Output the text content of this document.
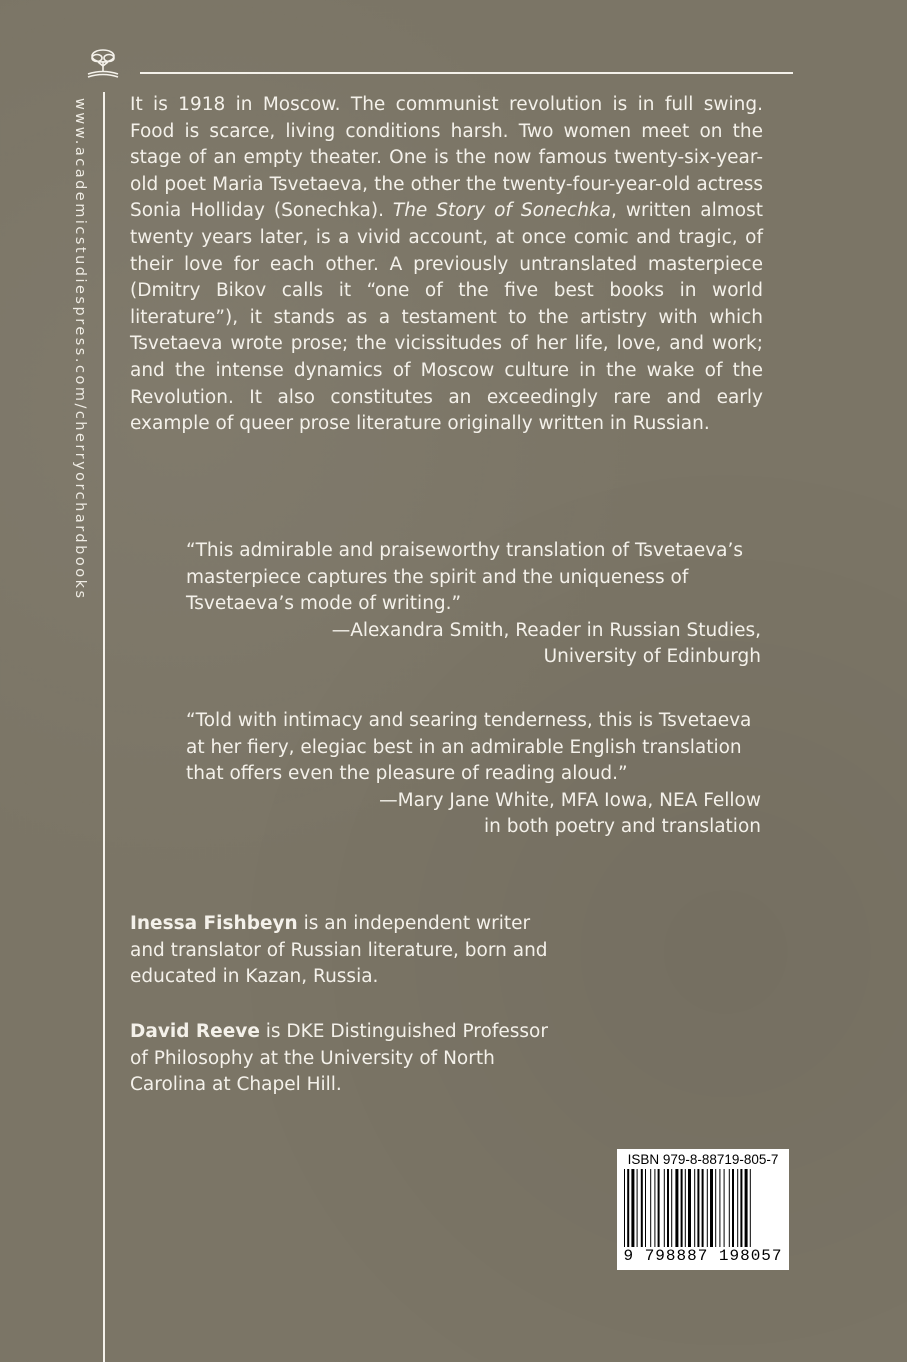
www.academicstudiespress.com/cherryorchardbooks It is 1918 in Moscow. The communist revolution is in full swing. Food is scarce, living conditions harsh. Two women meet on the stage of an empty theater. One is the now famous twenty-six-year-old poet Maria Tsvetaeva, the other the twenty-four-year-old actress Sonia Holliday (Sonechka). The Story of Sonechka, written almost twenty years later, is a vivid account, at once comic and tragic, of their love for each other. A previously untranslated masterpiece (Dmitry Bikov calls it “one of the five best books in world literature”), it stands as a testament to the artistry with which Tsvetaeva wrote prose; the vicissitudes of her life, love, and work; and the intense dynamics of Moscow culture in the wake of the Revolution. It also constitutes an exceedingly rare and early example of queer prose literature originally written in Russian.

“This admirable and praiseworthy translation of Tsvetaeva’s masterpiece captures the spirit and the uniqueness of Tsvetaeva’s mode of writing.”

—Alexandra Smith, Reader in Russian Studies,

University of Edinburgh

“Told with intimacy and searing tenderness, this is Tsvetaeva at her fiery, elegiac best in an admirable English translation that offers even the pleasure of reading aloud.”

—Mary Jane White, MFA Iowa, NEA Fellow

in both poetry and translation

Inessa Fishbeyn is an independent writer and translator of Russian literature, born and educated in Kazan, Russia.

David Reeve is DKE Distinguished Professor of Philosophy at the University of North Carolina at Chapel Hill.

ISBN 979-8-88719-805-7
9 798887 198057
